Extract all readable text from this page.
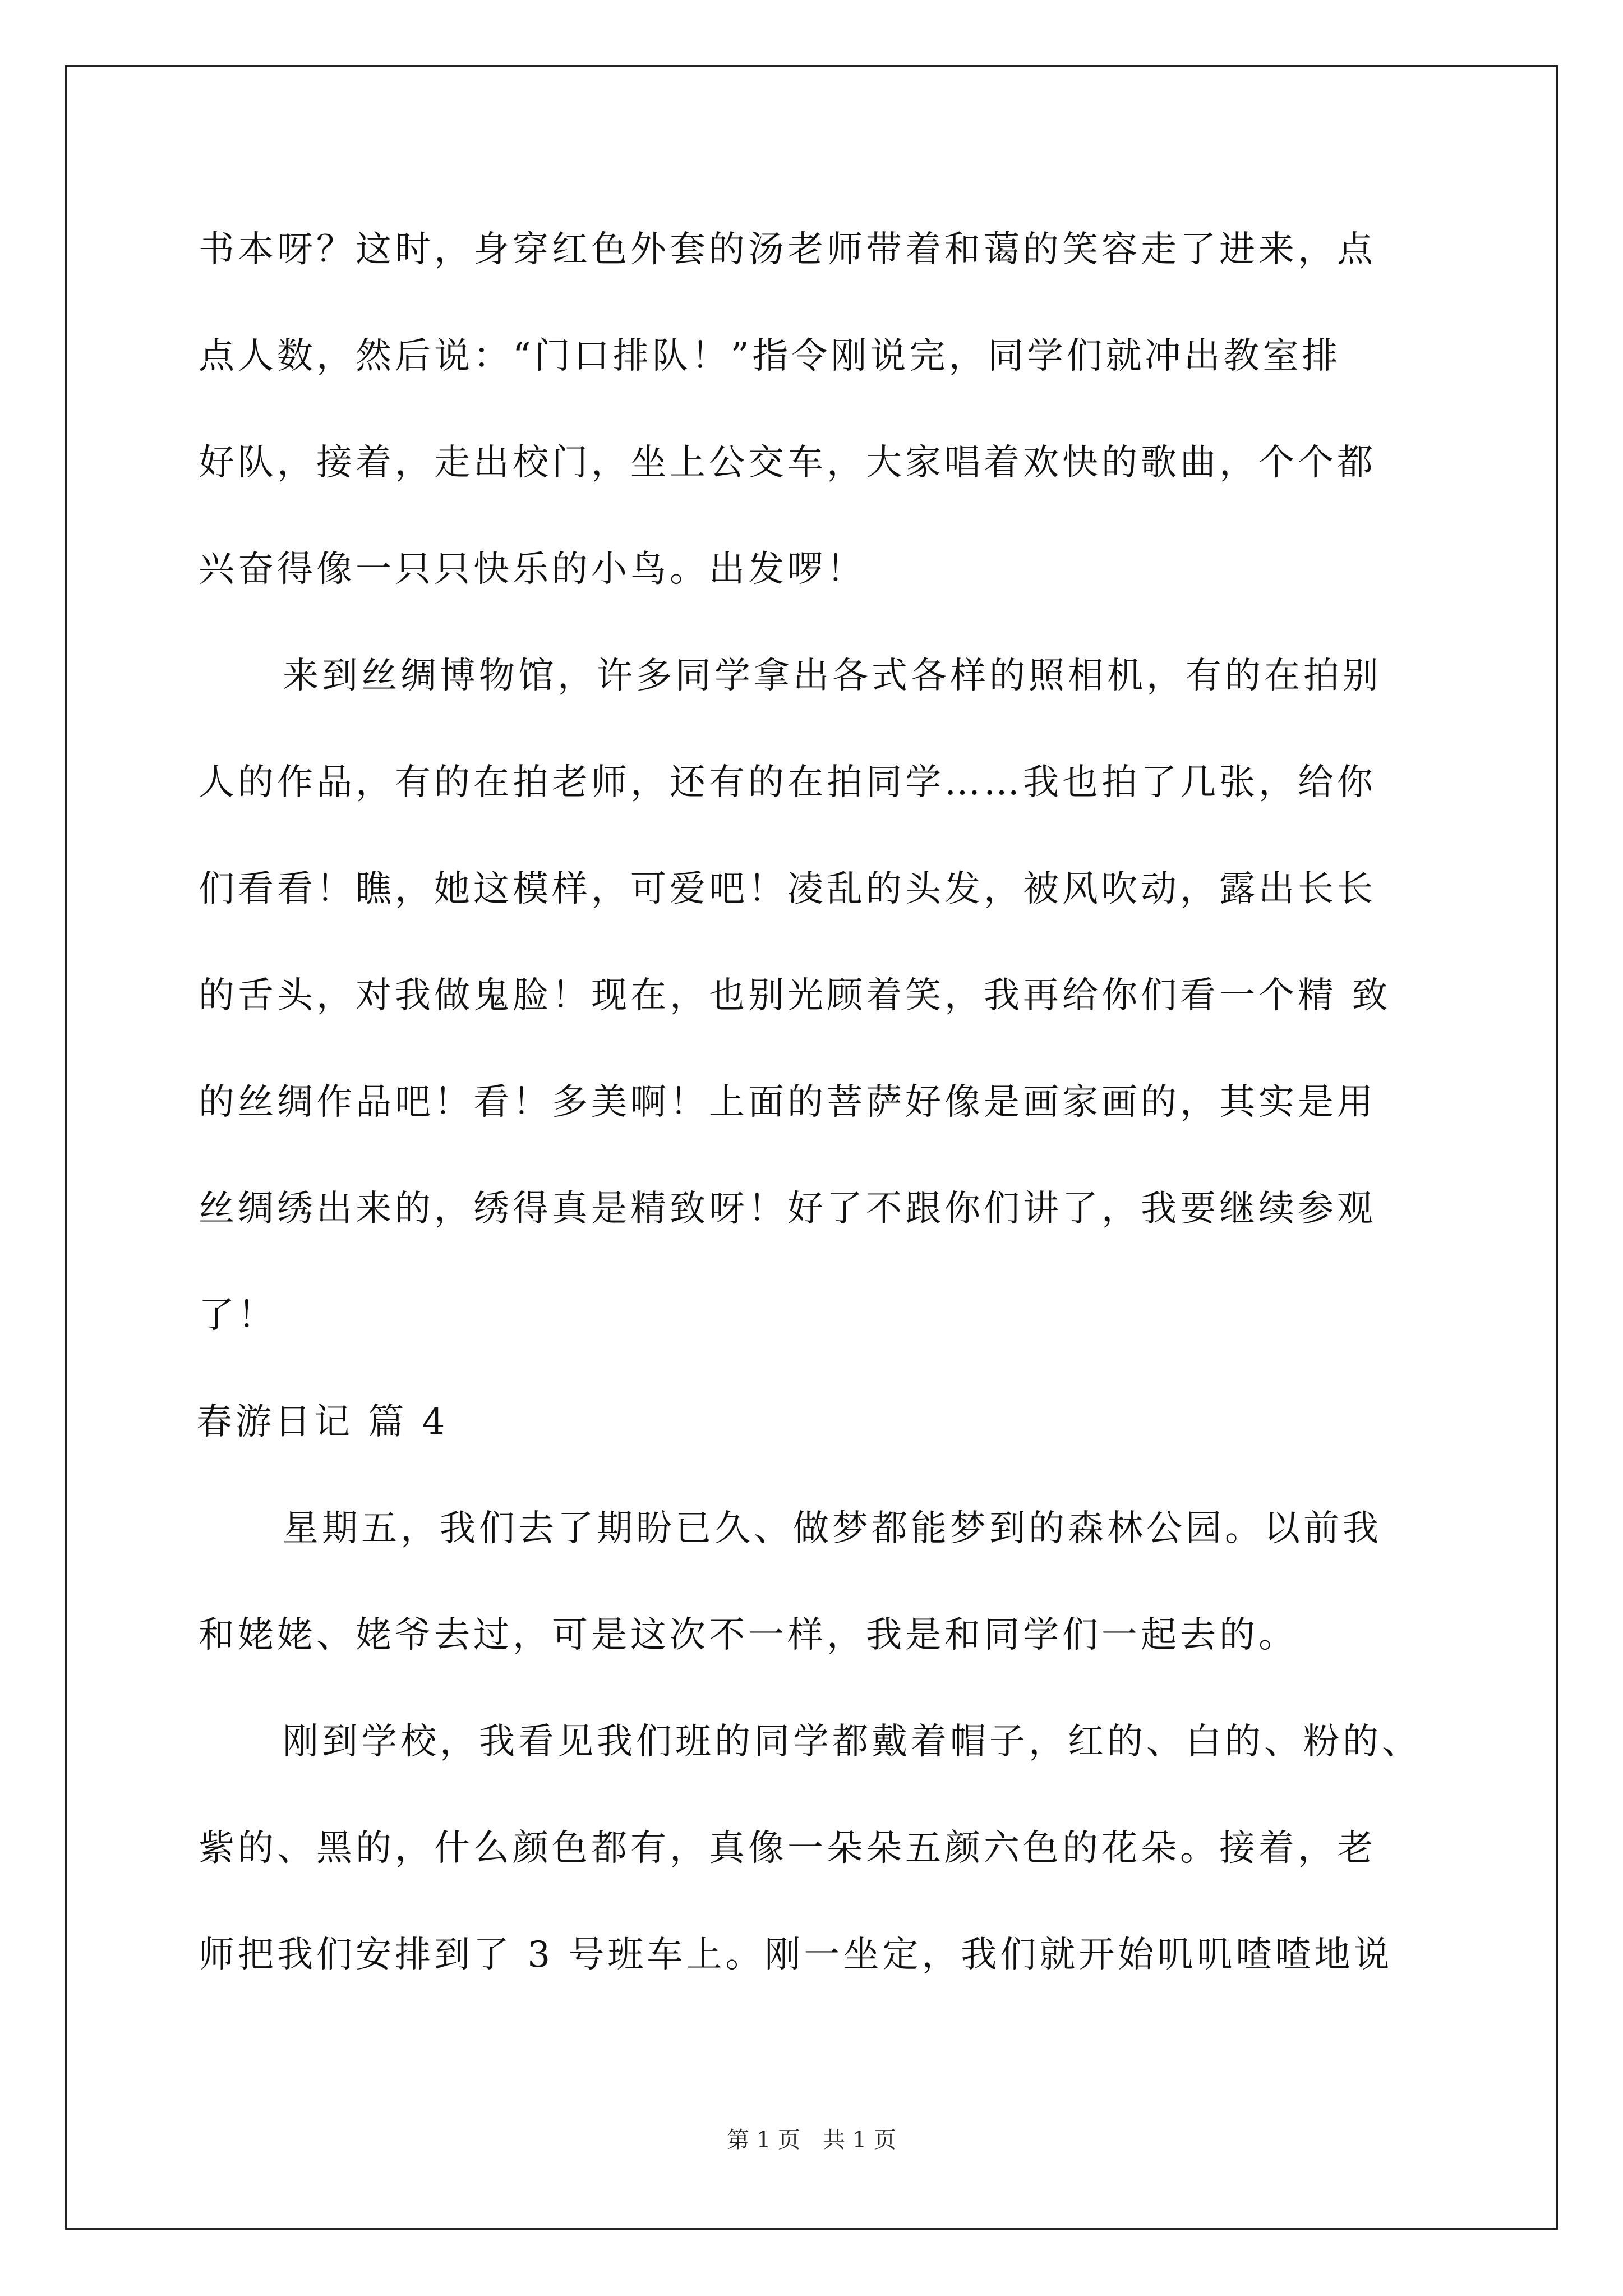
书本呀？这时，身穿红色外套的汤老师带着和蔼的笑容走了进来，点
点人数，然后说：“门口排队！”指令刚说完，同学们就冲出教室排
好队，接着，走出校门，坐上公交车，大家唱着欢快的歌曲，个个都
兴奋得像一只只快乐的小鸟。出发啰！
来到丝绸博物馆，许多同学拿出各式各样的照相机，有的在拍别
人的作品，有的在拍老师，还有的在拍同学……我也拍了几张，给你
们看看！瞧，她这模样，可爱吧！凌乱的头发，被风吹动，露出长长
的舌头，对我做鬼脸！现在，也别光顾着笑，我再给你们看一个精 致
的丝绸作品吧！看！多美啊！上面的菩萨好像是画家画的，其实是用
丝绸绣出来的，绣得真是精致呀！好了不跟你们讲了，我要继续参观
了！
春游日记 篇 4
星期五，我们去了期盼已久、做梦都能梦到的森林公园。以前我
和姥姥、姥爷去过，可是这次不一样，我是和同学们一起去的。
刚到学校，我看见我们班的同学都戴着帽子，红的、白的、粉的、
紫的、黑的，什么颜色都有，真像一朵朵五颜六色的花朵。接着，老
师把我们安排到了 3 号班车上。刚一坐定，我们就开始叽叽喳喳地说
第 1 页　共 1 页
